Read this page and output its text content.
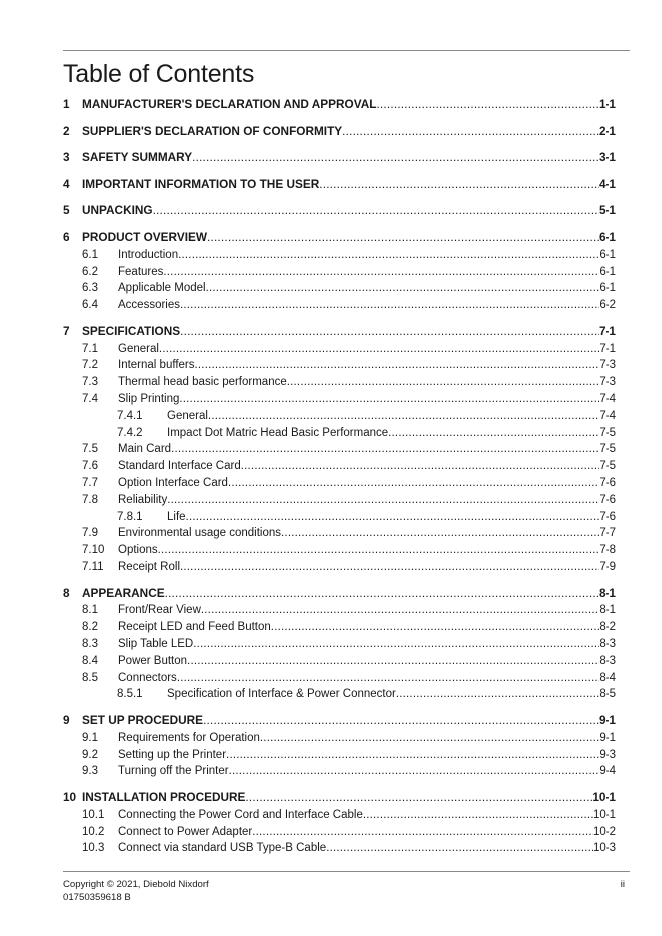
Table of Contents
1	MANUFACTURER'S DECLARATION AND APPROVAL .....	1-1
2	SUPPLIER'S DECLARATION OF CONFORMITY .....	2-1
3	SAFETY SUMMARY .....	3-1
4	IMPORTANT INFORMATION TO THE USER .....	4-1
5	UNPACKING .....	5-1
6	PRODUCT OVERVIEW .....	6-1
6.1	Introduction .....	6-1
6.2	Features .....	6-1
6.3	Applicable Model .....	6-1
6.4	Accessories .....	6-2
7	SPECIFICATIONS .....	7-1
7.1	General .....	7-1
7.2	Internal buffers .....	7-3
7.3	Thermal head basic performance .....	7-3
7.4	Slip Printing .....	7-4
7.4.1	General .....	7-4
7.4.2	Impact Dot Matric Head Basic Performance .....	7-5
7.5	Main Card .....	7-5
7.6	Standard Interface Card .....	7-5
7.7	Option Interface Card .....	7-6
7.8	Reliability .....	7-6
7.8.1	Life .....	7-6
7.9	Environmental usage conditions .....	7-7
7.10	Options .....	7-8
7.11	Receipt Roll .....	7-9
8	APPEARANCE .....	8-1
8.1	Front/Rear View .....	8-1
8.2	Receipt LED and Feed Button .....	8-2
8.3	Slip Table LED .....	8-3
8.4	Power Button .....	8-3
8.5	Connectors .....	8-4
8.5.1	Specification of Interface & Power Connector .....	8-5
9	SET UP PROCEDURE .....	9-1
9.1	Requirements for Operation .....	9-1
9.2	Setting up the Printer .....	9-3
9.3	Turning off the Printer .....	9-4
10 INSTALLATION PROCEDURE .....	10-1
10.1	Connecting the Power Cord and Interface Cable .....	10-1
10.2	Connect to Power Adapter .....	10-2
10.3	Connect via standard USB Type-B Cable .....	10-3
Copyright © 2021, Diebold Nixdorf
01750359618 B
ii
